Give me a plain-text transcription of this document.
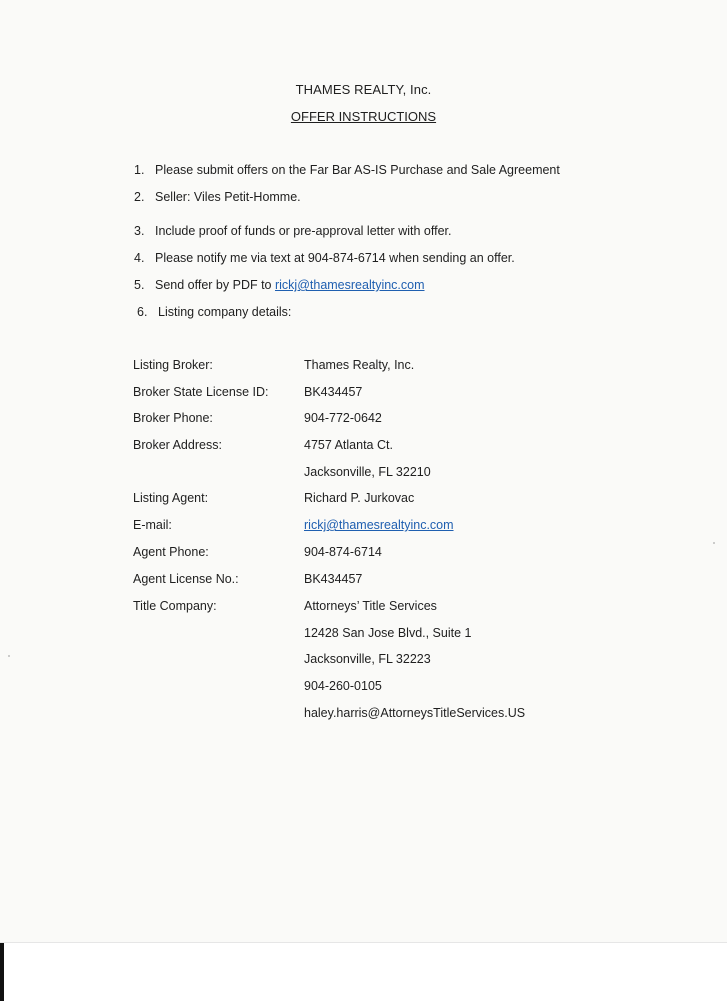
THAMES REALTY, Inc.
OFFER INSTRUCTIONS
1. Please submit offers on the Far Bar AS-IS Purchase and Sale Agreement
2. Seller: Viles Petit-Homme.
3. Include proof of funds or pre-approval letter with offer.
4. Please notify me via text at 904-874-6714 when sending an offer.
5. Send offer by PDF to rickj@thamesrealtyinc.com
6. Listing company details:
Listing Broker:	Thames Realty, Inc.
Broker State License ID:	BK434457
Broker Phone:	904-772-0642
Broker Address:	4757 Atlanta Ct.
Jacksonville, FL 32210
Listing Agent:	Richard P. Jurkovac
E-mail:	rickj@thamesrealtyinc.com
Agent Phone:	904-874-6714
Agent License No.:	BK434457
Title Company:	Attorneys’ Title Services
12428 San Jose Blvd., Suite 1
Jacksonville, FL 32223
904-260-0105
haley.harris@AttorneysTitleServices.US
